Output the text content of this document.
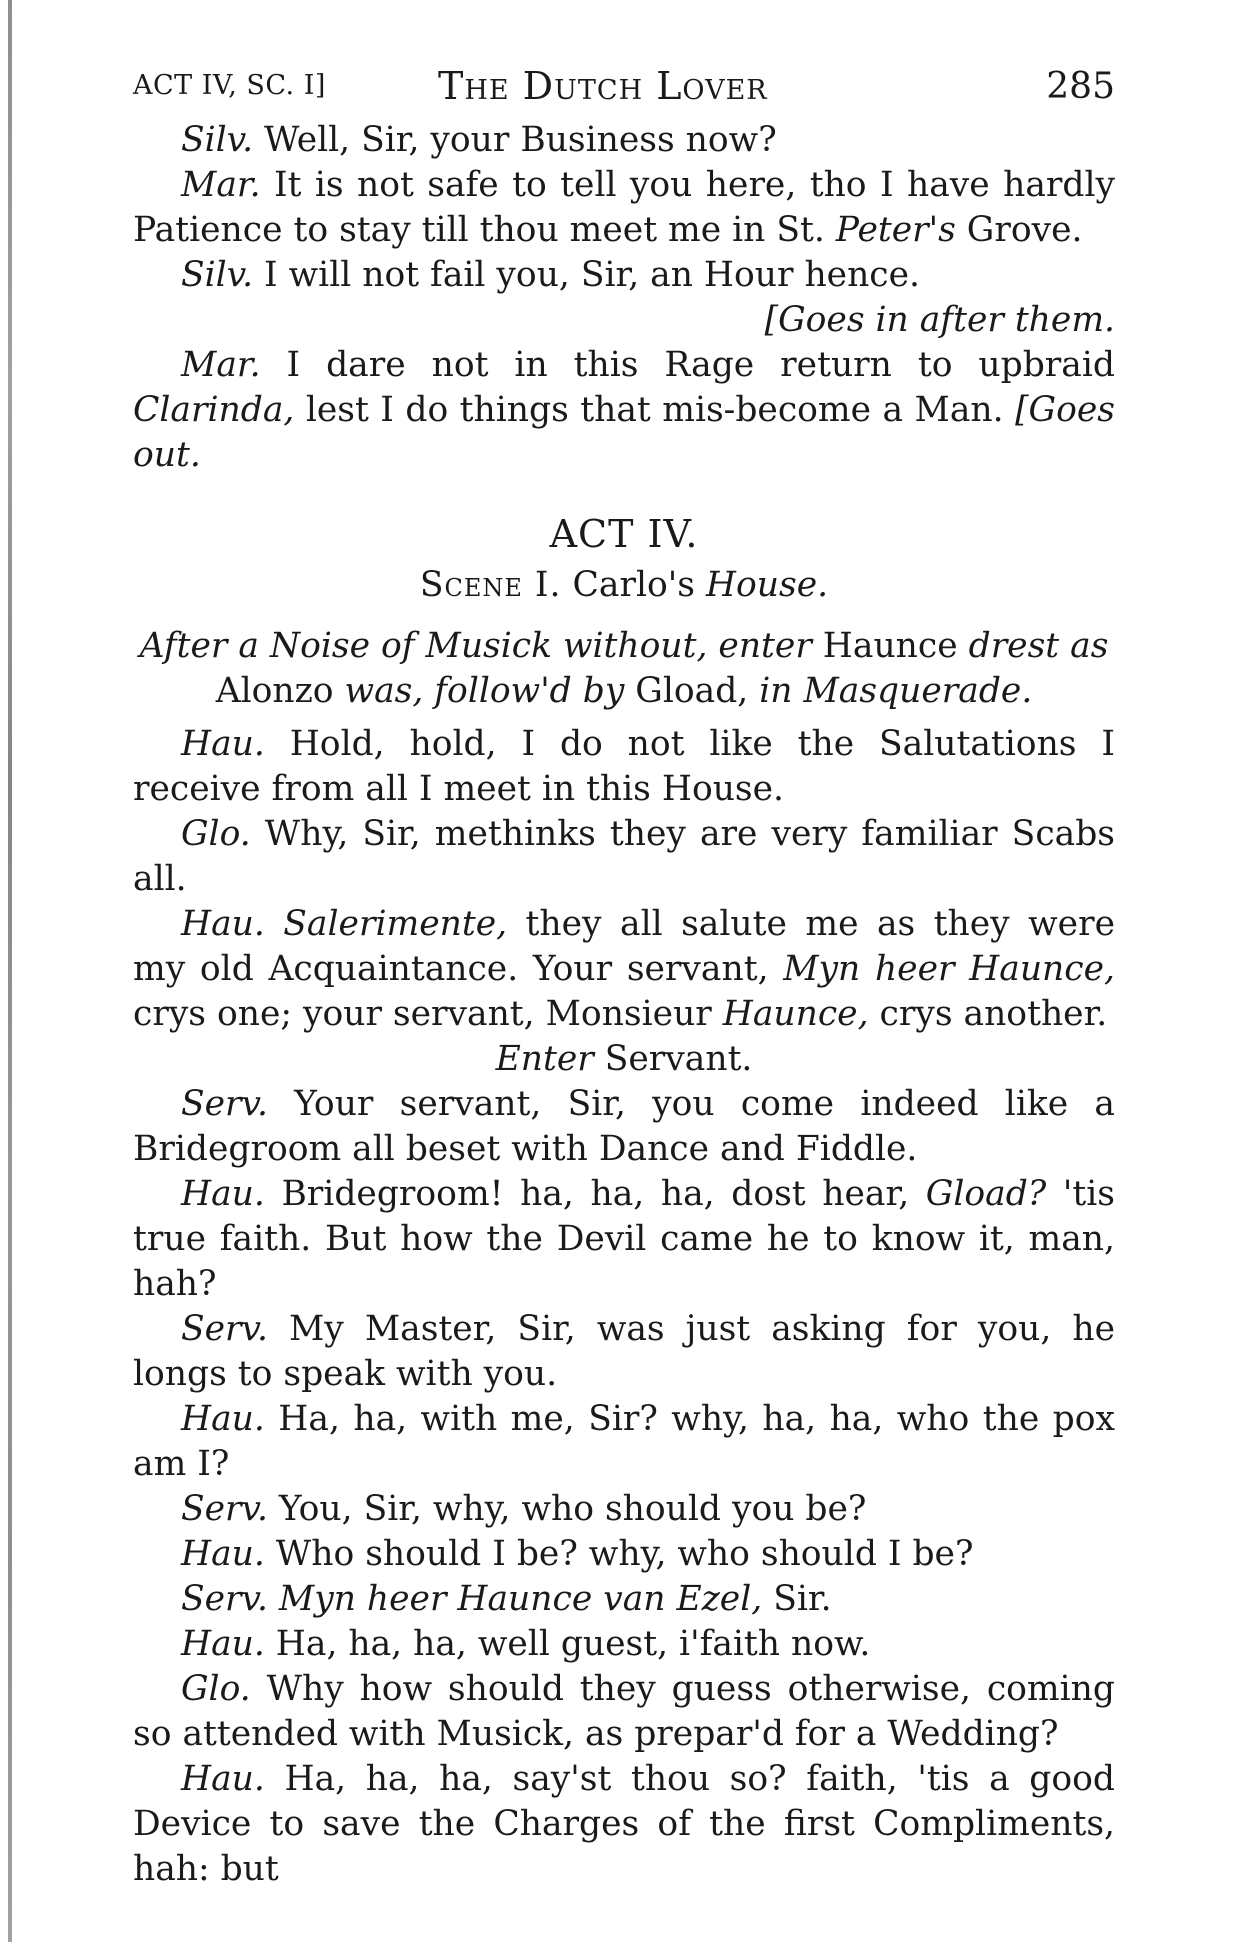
ACT IV, SC. I]	The Dutch Lover	285

Silv. Well, Sir, your Business now?

Mar. It is not safe to tell you here, tho I have hardly Patience to stay till thou meet me in St. Peter's Grove.

Silv. I will not fail you, Sir, an Hour hence.

[Goes in after them.

Mar. I dare not in this Rage return to upbraid Clarinda, lest I do things that mis-become a Man. [Goes out.

ACT IV.
Scene I. Carlo's House.

After a Noise of Musick without, enter Haunce drest as
Alonzo was, follow'd by Gload, in Masquerade.

Hau. Hold, hold, I do not like the Salutations I receive from all I meet in this House.

Glo. Why, Sir, methinks they are very familiar Scabs all.

Hau. Salerimente, they all salute me as they were my old Acquaintance. Your servant, Myn heer Haunce, crys one; your servant, Monsieur Haunce, crys another.

Enter Servant.

Serv. Your servant, Sir, you come indeed like a Bridegroom all beset with Dance and Fiddle.

Hau. Bridegroom! ha, ha, ha, dost hear, Gload? 'tis true faith. But how the Devil came he to know it, man, hah?

Serv. My Master, Sir, was just asking for you, he longs to speak with you.

Hau. Ha, ha, with me, Sir? why, ha, ha, who the pox am I?

Serv. You, Sir, why, who should you be?

Hau. Who should I be? why, who should I be?

Serv. Myn heer Haunce van Ezel, Sir.

Hau. Ha, ha, ha, well guest, i'faith now.

Glo. Why how should they guess otherwise, coming so attended with Musick, as prepar'd for a Wedding?

Hau. Ha, ha, ha, say'st thou so? faith, 'tis a good Device to save the Charges of the first Compliments, hah: but
